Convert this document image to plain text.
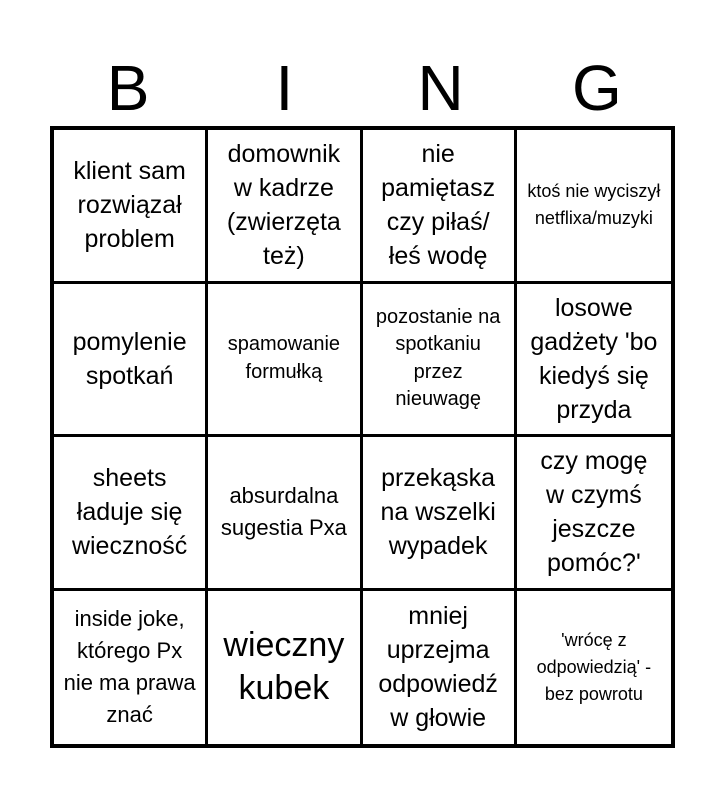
B	I	N	G
klient sam rozwiązał problem
domownik w kadrze (zwierzęta też)
nie pamiętasz czy piłaś/łeś wodę
ktoś nie wyciszył netflixa/muzyki
pomylenie spotkań
spamowanie formułką
pozostanie na spotkaniu przez nieuwagę
losowe gadżety 'bo kiedyś się przyda
sheets ładuje się wieczność
absurdalna sugestia Pxa
przekąska na wszelki wypadek
czy mogę w czymś jeszcze pomóc?'
inside joke, którego Px nie ma prawa znać
wieczny kubek
mniej uprzejma odpowiedź w głowie
'wrócę z odpowiedzią' - bez powrotu
